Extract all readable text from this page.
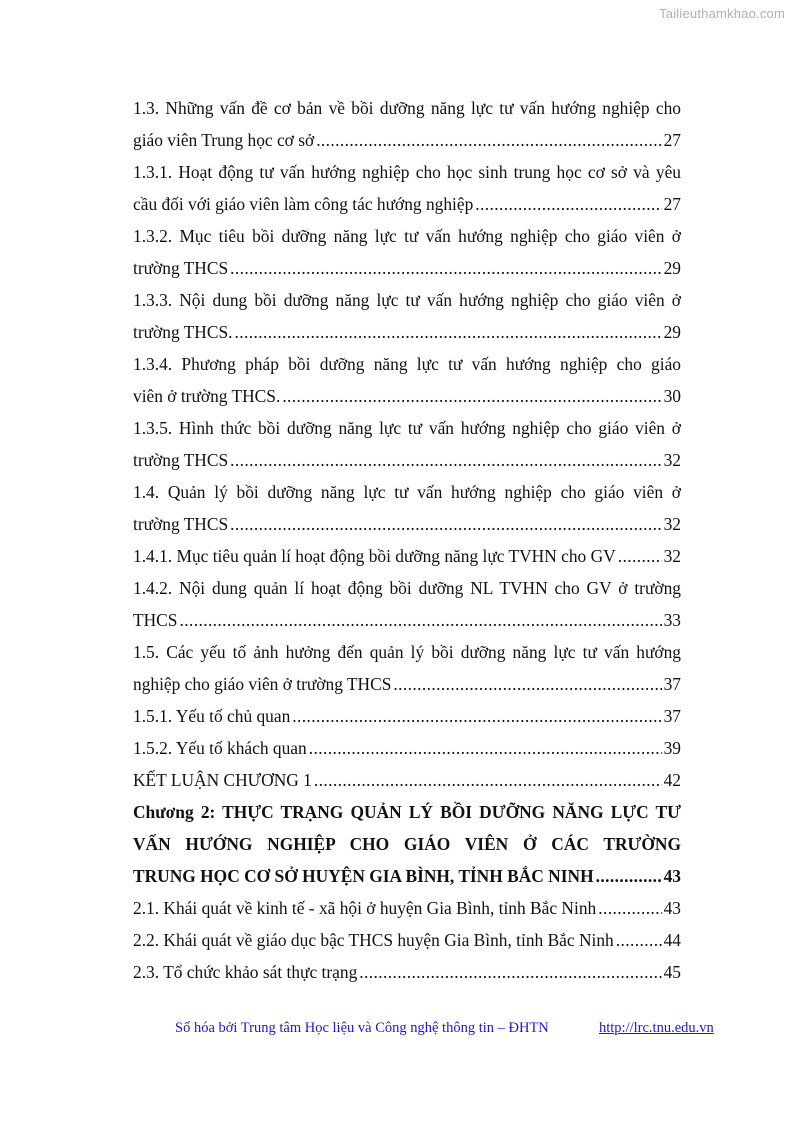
Tailieuthamkhao.com
1.3. Những vấn đề cơ bản về bồi dưỡng năng lực tư vấn hướng nghiệp cho
giáo viên Trung học cơ sở .....	27
1.3.1. Hoạt động tư vấn hướng nghiệp cho học sinh trung học cơ sở và yêu
cầu đối với giáo viên làm công tác hướng nghiệp .....	27
1.3.2. Mục tiêu bồi dưỡng năng lực tư vấn hướng nghiệp cho giáo viên ở
trường THCS .....	29
1.3.3. Nội dung bồi dưỡng năng lực tư vấn hướng nghiệp cho giáo viên ở
trường THCS. .....	29
1.3.4. Phương pháp bồi dưỡng năng lực tư vấn hướng nghiệp cho giáo
viên ở trường THCS. .....	30
1.3.5. Hình thức bồi dưỡng năng lực tư vấn hướng nghiệp cho giáo viên ở
trường THCS .....	32
1.4. Quản lý bồi dưỡng năng lực tư vấn hướng nghiệp cho giáo viên ở
trường THCS .....	32
1.4.1. Mục tiêu quản lí hoạt động bồi dưỡng năng lực TVHN cho GV .....	32
1.4.2. Nội dung quản lí hoạt động bồi dưỡng NL TVHN cho GV ở trường
THCS .....	33
1.5. Các yếu tố ảnh hưởng đến quản lý bồi dưỡng năng lực tư vấn hướng
nghiệp cho giáo viên ở trường THCS .....	37
1.5.1. Yếu tố chủ quan .....	37
1.5.2. Yếu tố khách quan .....	39
KẾT LUẬN CHƯƠNG 1 .....	42
Chương 2: THỰC TRẠNG QUẢN LÝ BỒI DƯỠNG NĂNG LỰC TƯ
VẤN HƯỚNG NGHIỆP CHO GIÁO VIÊN Ở CÁC TRƯỜNG
TRUNG HỌC CƠ SỞ HUYỆN GIA BÌNH, TỈNH BẮC NINH .....	43
2.1. Khái quát về kinh tế - xã hội ở huyện Gia Bình, tỉnh Bắc Ninh .....	43
2.2. Khái quát về giáo dục bậc THCS huyện Gia Bình, tỉnh Bắc Ninh .....	44
2.3. Tổ chức khảo sát thực trạng .....	45
Số hóa bởi Trung tâm Học liệu và Công nghệ thông tin – ĐHTN	http://lrc.tnu.edu.vn
